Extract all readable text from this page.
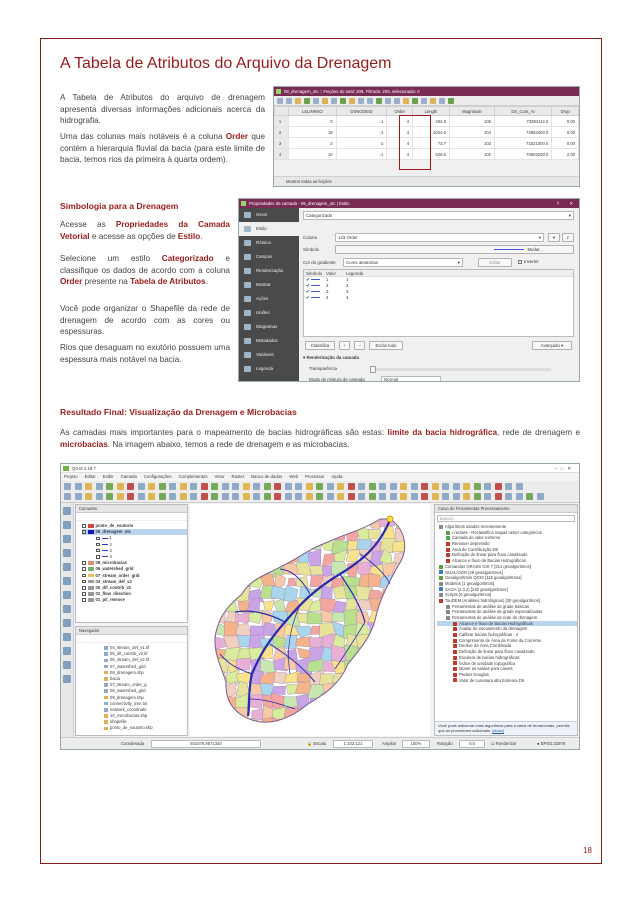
A Tabela de Atributos do Arquivo da Drenagem
A Tabela de Atributos do arquivo de drenagem apresenta diversas informações adicionais acerca da hidrografia.
Uma das colunas mais notáveis é a coluna Order que contém a hierarquia fluvial da bacia (para este limite de bacia, temos rios da primeira à quarta ordem).
09_drenagem_otc :: Feições do total: 209, Filtrado: 209, selecionado: 0
	LSLINKNO	DSNODEID	Order	Length	Magnitude	DS_Cont_Ar	Drop
1	0	-1	4	492.8	105	73384112.0	0.00
2	19	-1	4	1024.6	104	72883400.0	0.00
3	2	-1	4	73.7	103	71521000.0	0.00
4	10	-1	4	528.6	102	70603200.0	2.00
Mostrar todas as feições
Simbologia para a Drenagem
Acesse as Propriedades da Camada Vetorial e acesse as opções de Estilo.
Selecione um estilo Categorizado e classifique os dados de acordo com a coluna Order presente na Tabela de Atributos.
Você pode organizar o Shapefile da rede de drenagem de acordo com as cores ou espessuras.
Rios que desaguam no exutório possuem uma espessura mais notável na bacia.
Propriedades da camada - 09_drenagem_otc | Estilo	? ✕
Geral
Estilo
Rótulos
Campos
Renderização
Mostrar
Ações
Uniões
Diagramas
Metadados
Variáveis
Legenda
Categorizado	▾
Coluna	123 Order	▾	▾	ε
Símbolo	Mudar...
Cor do gradiente	Cores aleatórias	▾	Editar	Inverter
Símbolo Valor	Legenda
✔	1	1
✔	2	2
✔	3	3
✔	4	4
Classifica	+	−	Exclui tudo	Avançado ▾
▾ Renderização da camada
Transparência
Modo de mistura de camada	Normal
Resultado Final: Visualização da Drenagem e Microbacias
As camadas mais importantes para o mapeamento de bacias hidrográficas são estas: limite da bacia hidrográfica, rede de drenagem e microbacias. Na imagem abaixo, temos a rede de drenagem e as microbacias.
QGIS 2.18.7	–□✕
Projeto Editar Exibir Camada Configurações Complementos Vetor Raster Banco de dados Web Processar Ajuda
Camadas
ponto_de_exutorio
09_drenagem_otc
1
2
3
4
08_microbacias
06_watershed_grid
07_stream_order_grid
04_stream_def_v2
05_dif_contrib_v2
02_flow_direction
01_pit_remove
Navegador
04_stream_def_v1.tif
05_dif_contrib_v2.tif
06_stream_def_v2.tif
07_watershed_grid
08_drenagem.shp
bacia
07_stream_order_g
08_watershed_grid
09_drenagem.shp
connectivity_tree.txt
network_coordinate
10_microbacias.shp
shapefile
ponto_de_exutorio.shp
Caixa de Ferramentas Processamento
Buscar...
Algoritmos usados recentemente
r.reclass - Reclassifica mapas raster categóricos
Camada de valor extremo
Remover depressão
Área de Contribuição D8
Definição de linear para fluxo canalizado
Alcance e fluxo de Bacias Hidrográficas
Comandos GRASS GIS 7 [314 geoalgoritmos]
GDAL/OGR [48 geoalgoritmos]
Geoalgoritmos QGIS [116 geoalgoritmos]
Modelos [1 geoalgoritmos]
SAGA (2.3.2) [240 geoalgoritmos]
Scripts [0 geoalgoritmos]
TauDEM (Análises hidrológicas) [30 geoalgoritmos]
Ferramentas de análise de grade básicas
Ferramentas de análise de grade especializadas
Ferramentas de análise de rede de drenagem
Alcance e fluxo de Bacias Hidrográficas
Avaliar de escoamento da drenagem
Calibrar bacias hidrográficas - 2
Comprimento de Área de Fonte da Corrente
Declive da Área Combinada
Definição de linear para fluxo canalizado
Escolera de bacias hidrográficas
Índice de umidade topográfica
Mover as saídas para canais
Peuker Douglas
Valor de curvatura alta Extrema D8
Você pode adicionar mais algoritmos para a caixa de ferramentas, permitir que as provedores adicionais. [close]
Coordenada	501076,8671340	🔒 Escala	1:102.121	Ampliar	100%	Rotação	0,0	☑ Renderizar	● EPSG:31979
18
